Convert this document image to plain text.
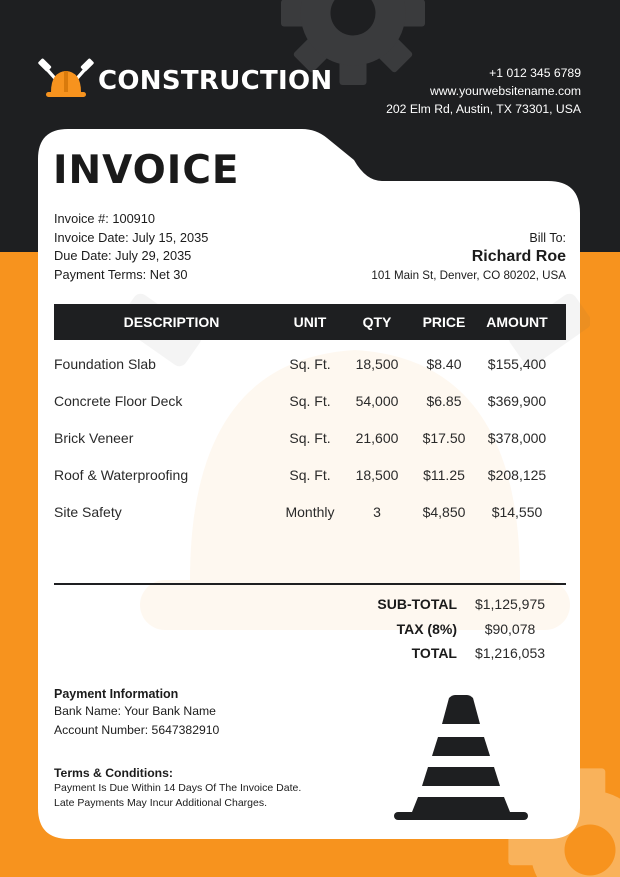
CONSTRUCTION	+1 012 345 6789
www.yourwebsitename.com
202 Elm Rd, Austin, TX 73301, USA
INVOICE
Invoice #: 100910
Invoice Date: July 15, 2035
Due Date: July 29, 2035
Payment Terms: Net 30
Bill To:
Richard Roe
101 Main St, Denver, CO 80202, USA
DESCRIPTION	UNIT	QTY	PRICE	AMOUNT
Foundation Slab	Sq. Ft.	18,500	$8.40	$155,400
Concrete Floor Deck	Sq. Ft.	54,000	$6.85	$369,900
Brick Veneer	Sq. Ft.	21,600	$17.50	$378,000
Roof & Waterproofing	Sq. Ft.	18,500	$11.25	$208,125
Site Safety	Monthly	3	$4,850	$14,550
SUB-TOTAL	$1,125,975
TAX (8%)	$90,078
TOTAL	$1,216,053
Payment Information
Bank Name: Your Bank Name
Account Number: 5647382910
Terms & Conditions:
Payment Is Due Within 14 Days Of The Invoice Date.
Late Payments May Incur Additional Charges.
